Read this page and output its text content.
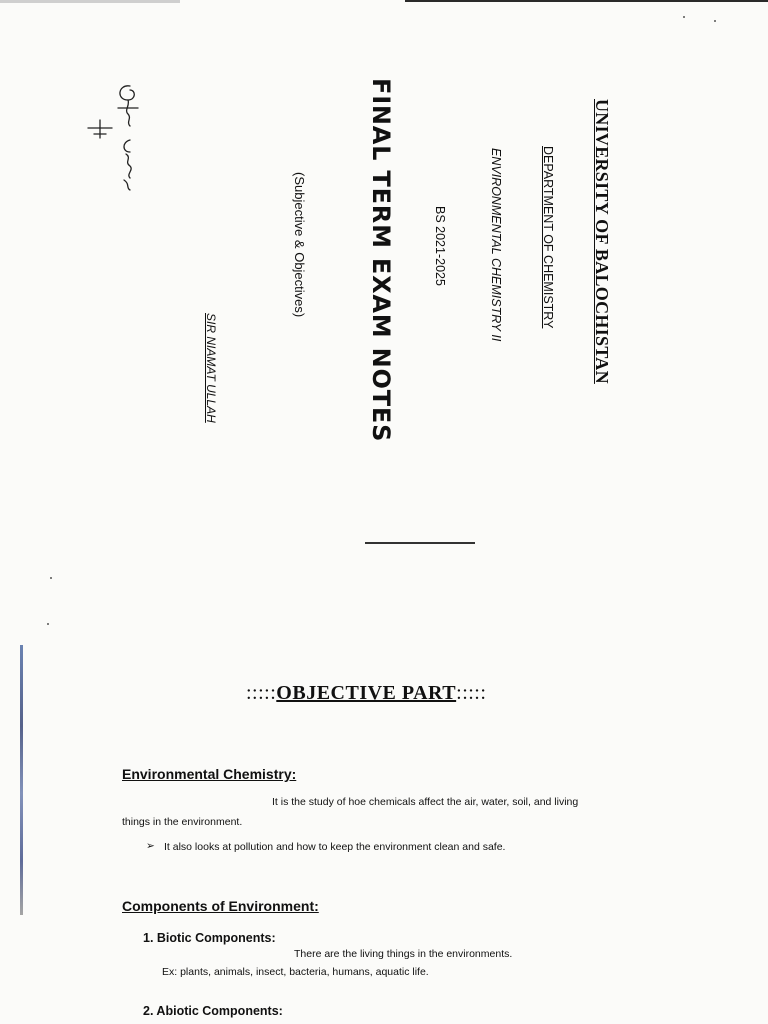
UNIVERSITY OF BALOCHISTAN
DEPARTMENT OF CHEMISTRY
ENVIRONMENTAL CHEMISTRY II
BS 2021-2025
FINAL TERM EXAM NOTES
(Subjective & Objectives)
SIR NIAMAT ULLAH
:::::OBJECTIVE PART:::::
Environmental Chemistry:
It is the study of hoe chemicals affect the air, water, soil, and living
things in the environment.
➢ It also looks at pollution and how to keep the environment clean and safe.
Components of Environment:
1. Biotic Components:
There are the living things in the environments.
Ex: plants, animals, insect, bacteria, humans, aquatic life.
2. Abiotic Components:
